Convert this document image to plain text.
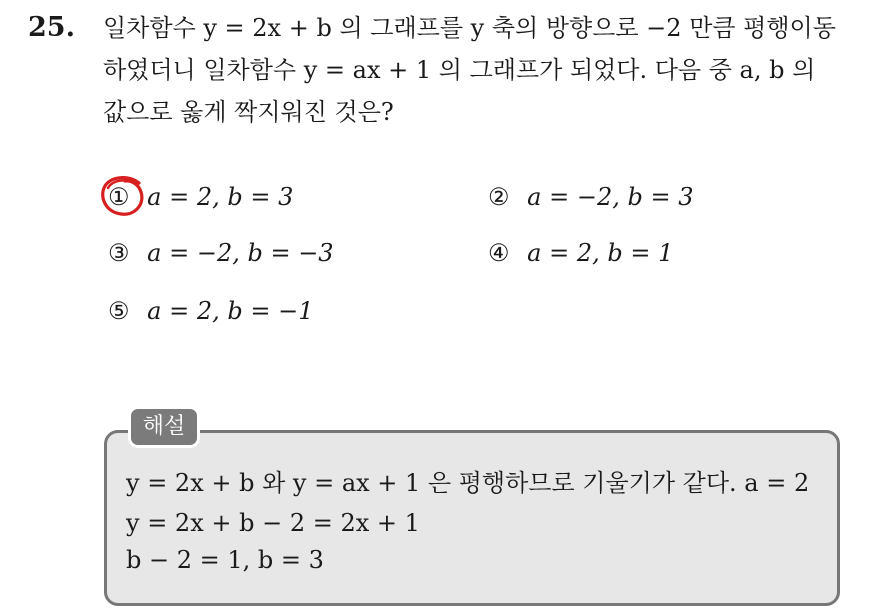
25. 일차함수 y = 2x + b 의 그래프를 y 축의 방향으로 −2 만큼 평행이동
하였더니 일차함수 y = ax + 1 의 그래프가 되었다. 다음 중 a, b 의
값으로 옳게 짝지워진 것은?
① a = 2, b = 3	② a = −2, b = 3
③ a = −2, b = −3	④ a = 2, b = 1
⑤ a = 2, b = −1
해설
y = 2x + b 와 y = ax + 1 은 평행하므로 기울기가 같다. a = 2
y = 2x + b − 2 = 2x + 1
b − 2 = 1, b = 3
